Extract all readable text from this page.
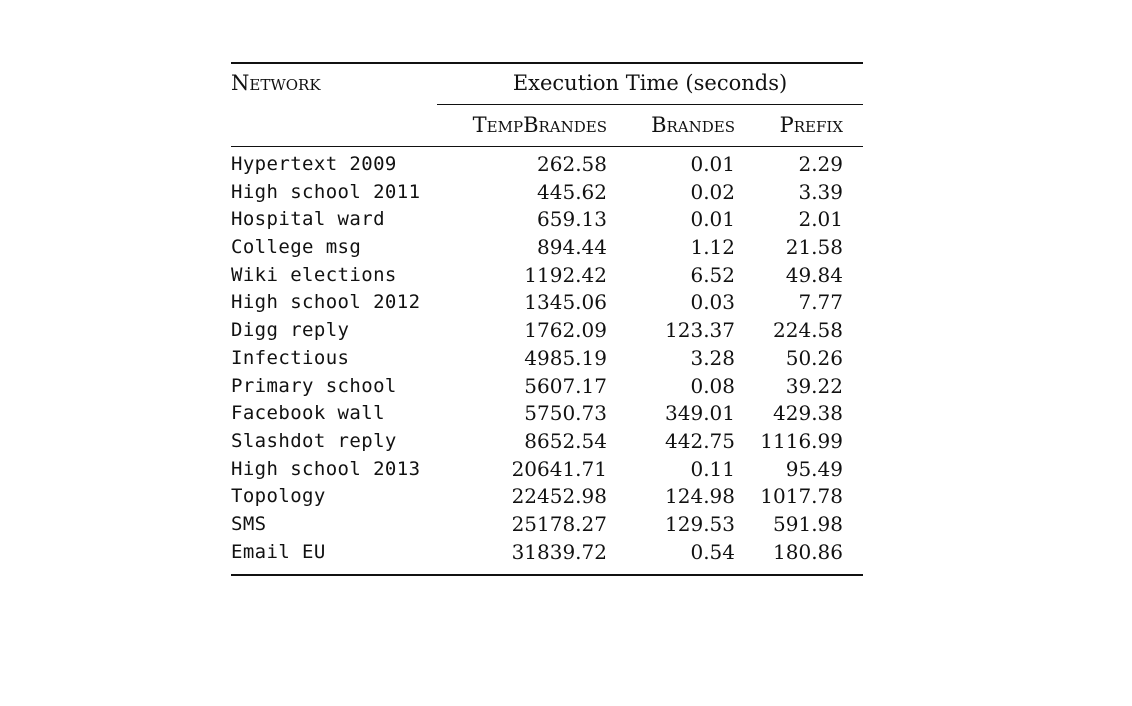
Network	Execution Time (seconds)
TempBrandes	Brandes	Prefix
Hypertext 2009	262.58	0.01	2.29
High school 2011	445.62	0.02	3.39
Hospital ward	659.13	0.01	2.01
College msg	894.44	1.12	21.58
Wiki elections	1192.42	6.52	49.84
High school 2012	1345.06	0.03	7.77
Digg reply	1762.09	123.37	224.58
Infectious	4985.19	3.28	50.26
Primary school	5607.17	0.08	39.22
Facebook wall	5750.73	349.01	429.38
Slashdot reply	8652.54	442.75	1116.99
High school 2013	20641.71	0.11	95.49
Topology	22452.98	124.98	1017.78
SMS	25178.27	129.53	591.98
Email EU	31839.72	0.54	180.86
